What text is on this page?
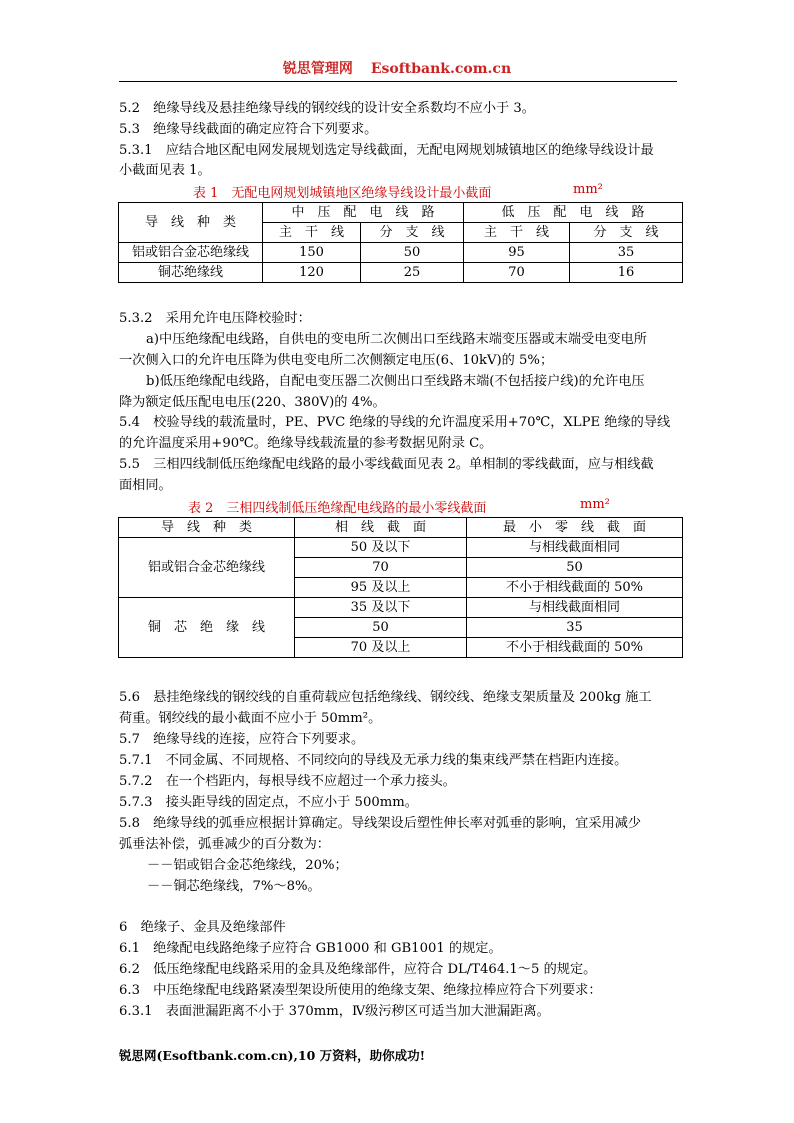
锐思管理网 Esoftbank.com.cn
5.2　绝缘导线及悬挂绝缘导线的钢绞线的设计安全系数均不应小于 3。
5.3　绝缘导线截面的确定应符合下列要求。
5.3.1　应结合地区配电网发展规划选定导线截面，无配电网规划城镇地区的绝缘导线设计最
小截面见表 1。
表 1　无配电网规划城镇地区绝缘导线设计最小截面	mm²
导　线　种　类	中　压　配　电　线　路		低　压　配　电　线　路	
	主　干　线	分　支　线	主　干　线	分　支　线
铝或铝合金芯绝缘线	150	50	95	35
铜芯绝缘线	120	25	70	16
5.3.2　采用允许电压降校验时：
a)中压绝缘配电线路，自供电的变电所二次侧出口至线路末端变压器或末端受电变电所
一次侧入口的允许电压降为供电变电所二次侧额定电压(6、10kV)的 5%；
b)低压绝缘配电线路，自配电变压器二次侧出口至线路末端(不包括接户线)的允许电压
降为额定低压配电电压(220、380V)的 4%。
5.4　校验导线的载流量时，PE、PVC 绝缘的导线的允许温度采用+70℃，XLPE 绝缘的导线
的允许温度采用+90℃。绝缘导线载流量的参考数据见附录 C。
5.5　三相四线制低压绝缘配电线路的最小零线截面见表 2。单相制的零线截面，应与相线截
面相同。
表 2　三相四线制低压绝缘配电线路的最小零线截面	mm²
导　线　种　类	相　线　截　面	最　小　零　线　截　面
铝或铝合金芯绝缘线	50 及以下	与相线截面相同
	70	50
	95 及以上	不小于相线截面的 50%
铜　芯　绝　缘　线	35 及以下	与相线截面相同
	50	35
	70 及以上	不小于相线截面的 50%
5.6　悬挂绝缘线的钢绞线的自重荷载应包括绝缘线、钢绞线、绝缘支架质量及 200kg 施工
荷重。钢绞线的最小截面不应小于 50mm²。
5.7　绝缘导线的连接，应符合下列要求。
5.7.1　不同金属、不同规格、不同绞向的导线及无承力线的集束线严禁在档距内连接。
5.7.2　在一个档距内，每根导线不应超过一个承力接头。
5.7.3　接头距导线的固定点，不应小于 500mm。
5.8　绝缘导线的弧垂应根据计算确定。导线架设后塑性伸长率对弧垂的影响，宜采用减少
弧垂法补偿，弧垂减少的百分数为：
－－铝或铝合金芯绝缘线，20%；
－－铜芯绝缘线，7%～8%。
6　绝缘子、金具及绝缘部件
6.1　绝缘配电线路绝缘子应符合 GB1000 和 GB1001 的规定。
6.2　低压绝缘配电线路采用的金具及绝缘部件，应符合 DL/T464.1～5 的规定。
6.3　中压绝缘配电线路紧凑型架设所使用的绝缘支架、绝缘拉棒应符合下列要求：
6.3.1　表面泄漏距离不小于 370mm，Ⅳ级污秽区可适当加大泄漏距离。
锐思网(Esoftbank.com.cn),10 万资料，助你成功!
